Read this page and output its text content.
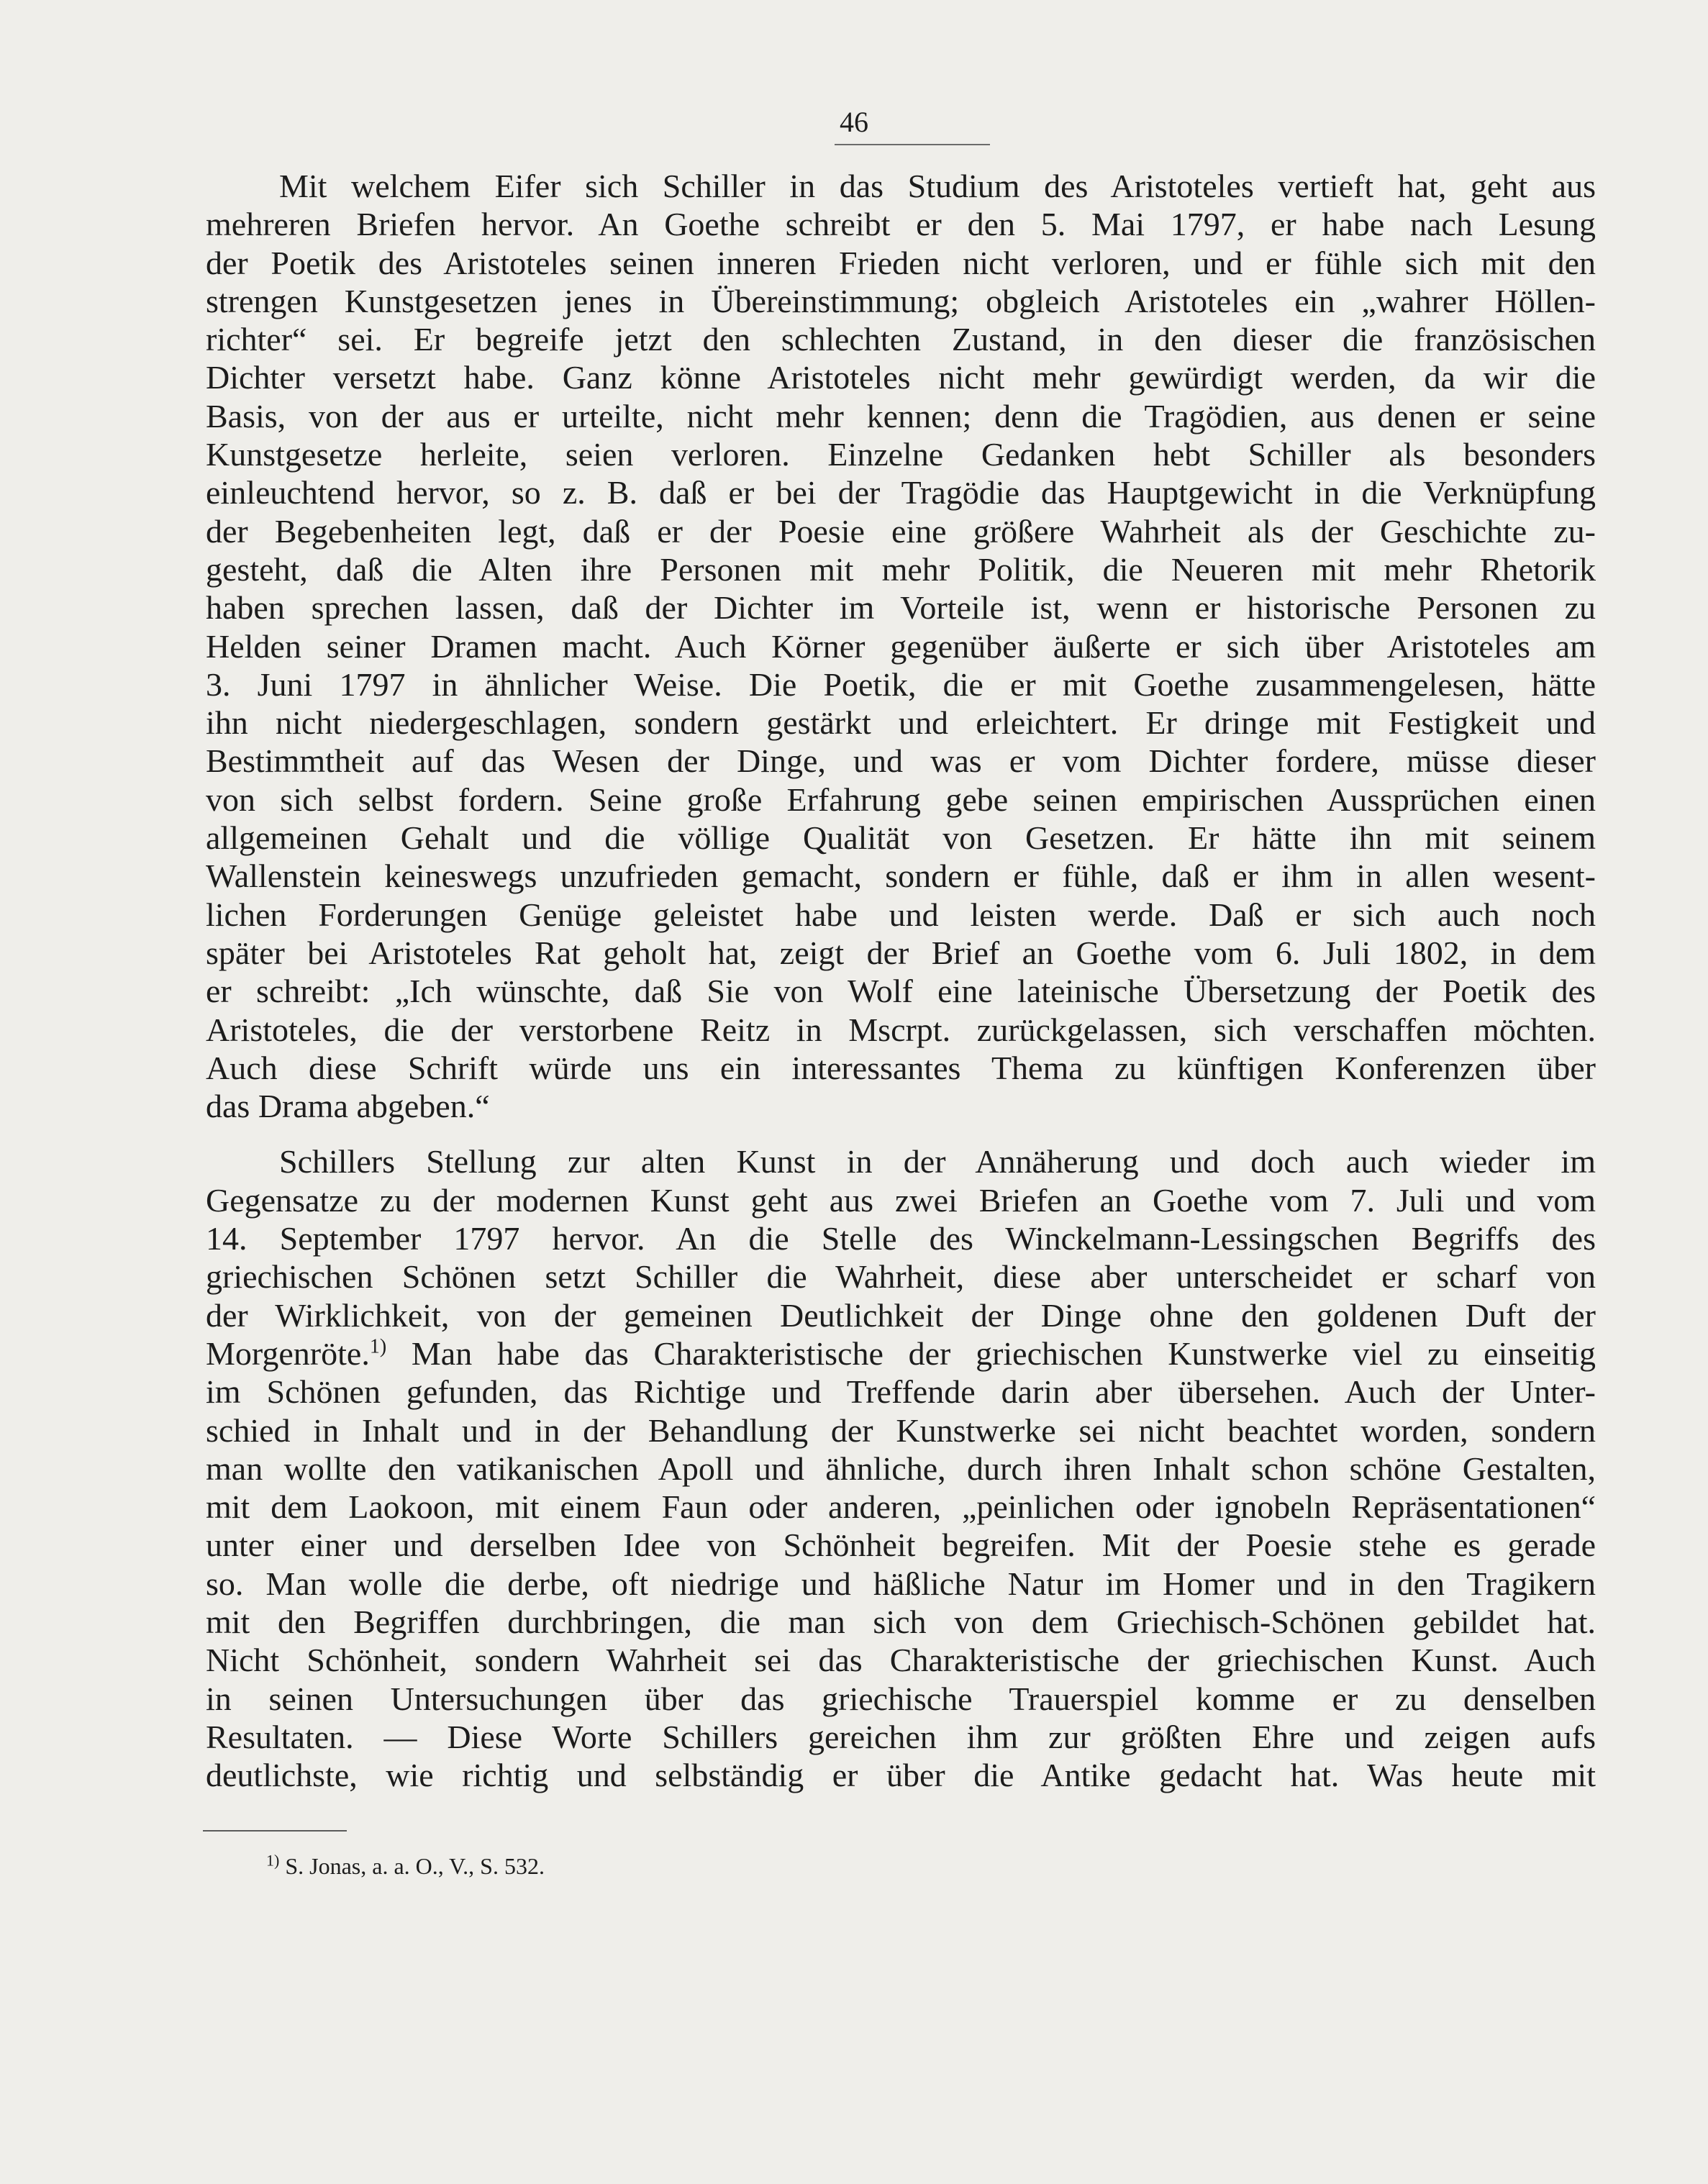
46
Mit welchem Eifer sich Schiller in das Studium des Aristoteles vertieft hat, geht aus
mehreren Briefen hervor. An Goethe schreibt er den 5. Mai 1797, er habe nach Lesung
der Poetik des Aristoteles seinen inneren Frieden nicht verloren, und er fühle sich mit den
strengen Kunstgesetzen jenes in Übereinstimmung; obgleich Aristoteles ein „wahrer Höllen-
richter“ sei. Er begreife jetzt den schlechten Zustand, in den dieser die französischen
Dichter versetzt habe. Ganz könne Aristoteles nicht mehr gewürdigt werden, da wir die
Basis, von der aus er urteilte, nicht mehr kennen; denn die Tragödien, aus denen er seine
Kunstgesetze herleite, seien verloren. Einzelne Gedanken hebt Schiller als besonders
einleuchtend hervor, so z. B. daß er bei der Tragödie das Hauptgewicht in die Verknüpfung
der Begebenheiten legt, daß er der Poesie eine größere Wahrheit als der Geschichte zu-
gesteht, daß die Alten ihre Personen mit mehr Politik, die Neueren mit mehr Rhetorik
haben sprechen lassen, daß der Dichter im Vorteile ist, wenn er historische Personen zu
Helden seiner Dramen macht. Auch Körner gegenüber äußerte er sich über Aristoteles am
3. Juni 1797 in ähnlicher Weise. Die Poetik, die er mit Goethe zusammengelesen, hätte
ihn nicht niedergeschlagen, sondern gestärkt und erleichtert. Er dringe mit Festigkeit und
Bestimmtheit auf das Wesen der Dinge, und was er vom Dichter fordere, müsse dieser
von sich selbst fordern. Seine große Erfahrung gebe seinen empirischen Aussprüchen einen
allgemeinen Gehalt und die völlige Qualität von Gesetzen. Er hätte ihn mit seinem
Wallenstein keineswegs unzufrieden gemacht, sondern er fühle, daß er ihm in allen wesent-
lichen Forderungen Genüge geleistet habe und leisten werde. Daß er sich auch noch
später bei Aristoteles Rat geholt hat, zeigt der Brief an Goethe vom 6. Juli 1802, in dem
er schreibt: „Ich wünschte, daß Sie von Wolf eine lateinische Übersetzung der Poetik des
Aristoteles, die der verstorbene Reitz in Mscrpt. zurückgelassen, sich verschaffen möchten.
Auch diese Schrift würde uns ein interessantes Thema zu künftigen Konferenzen über
das Drama abgeben.“
Schillers Stellung zur alten Kunst in der Annäherung und doch auch wieder im
Gegensatze zu der modernen Kunst geht aus zwei Briefen an Goethe vom 7. Juli und vom
14. September 1797 hervor. An die Stelle des Winckelmann-Lessingschen Begriffs des
griechischen Schönen setzt Schiller die Wahrheit, diese aber unterscheidet er scharf von
der Wirklichkeit, von der gemeinen Deutlichkeit der Dinge ohne den goldenen Duft der
Morgenröte.$^{1)}$ Man habe das Charakteristische der griechischen Kunstwerke viel zu einseitig
im Schönen gefunden, das Richtige und Treffende darin aber übersehen. Auch der Unter-
schied in Inhalt und in der Behandlung der Kunstwerke sei nicht beachtet worden, sondern
man wollte den vatikanischen Apoll und ähnliche, durch ihren Inhalt schon schöne Gestalten,
mit dem Laokoon, mit einem Faun oder anderen, „peinlichen oder ignobeln Repräsentationen“
unter einer und derselben Idee von Schönheit begreifen. Mit der Poesie stehe es gerade
so. Man wolle die derbe, oft niedrige und häßliche Natur im Homer und in den Tragikern
mit den Begriffen durchbringen, die man sich von dem Griechisch-Schönen gebildet hat.
Nicht Schönheit, sondern Wahrheit sei das Charakteristische der griechischen Kunst. Auch
in seinen Untersuchungen über das griechische Trauerspiel komme er zu denselben
Resultaten. — Diese Worte Schillers gereichen ihm zur größten Ehre und zeigen aufs
deutlichste, wie richtig und selbständig er über die Antike gedacht hat. Was heute mit
$^{1)}$ S. Jonas, a. a. O., V., S. 532.
